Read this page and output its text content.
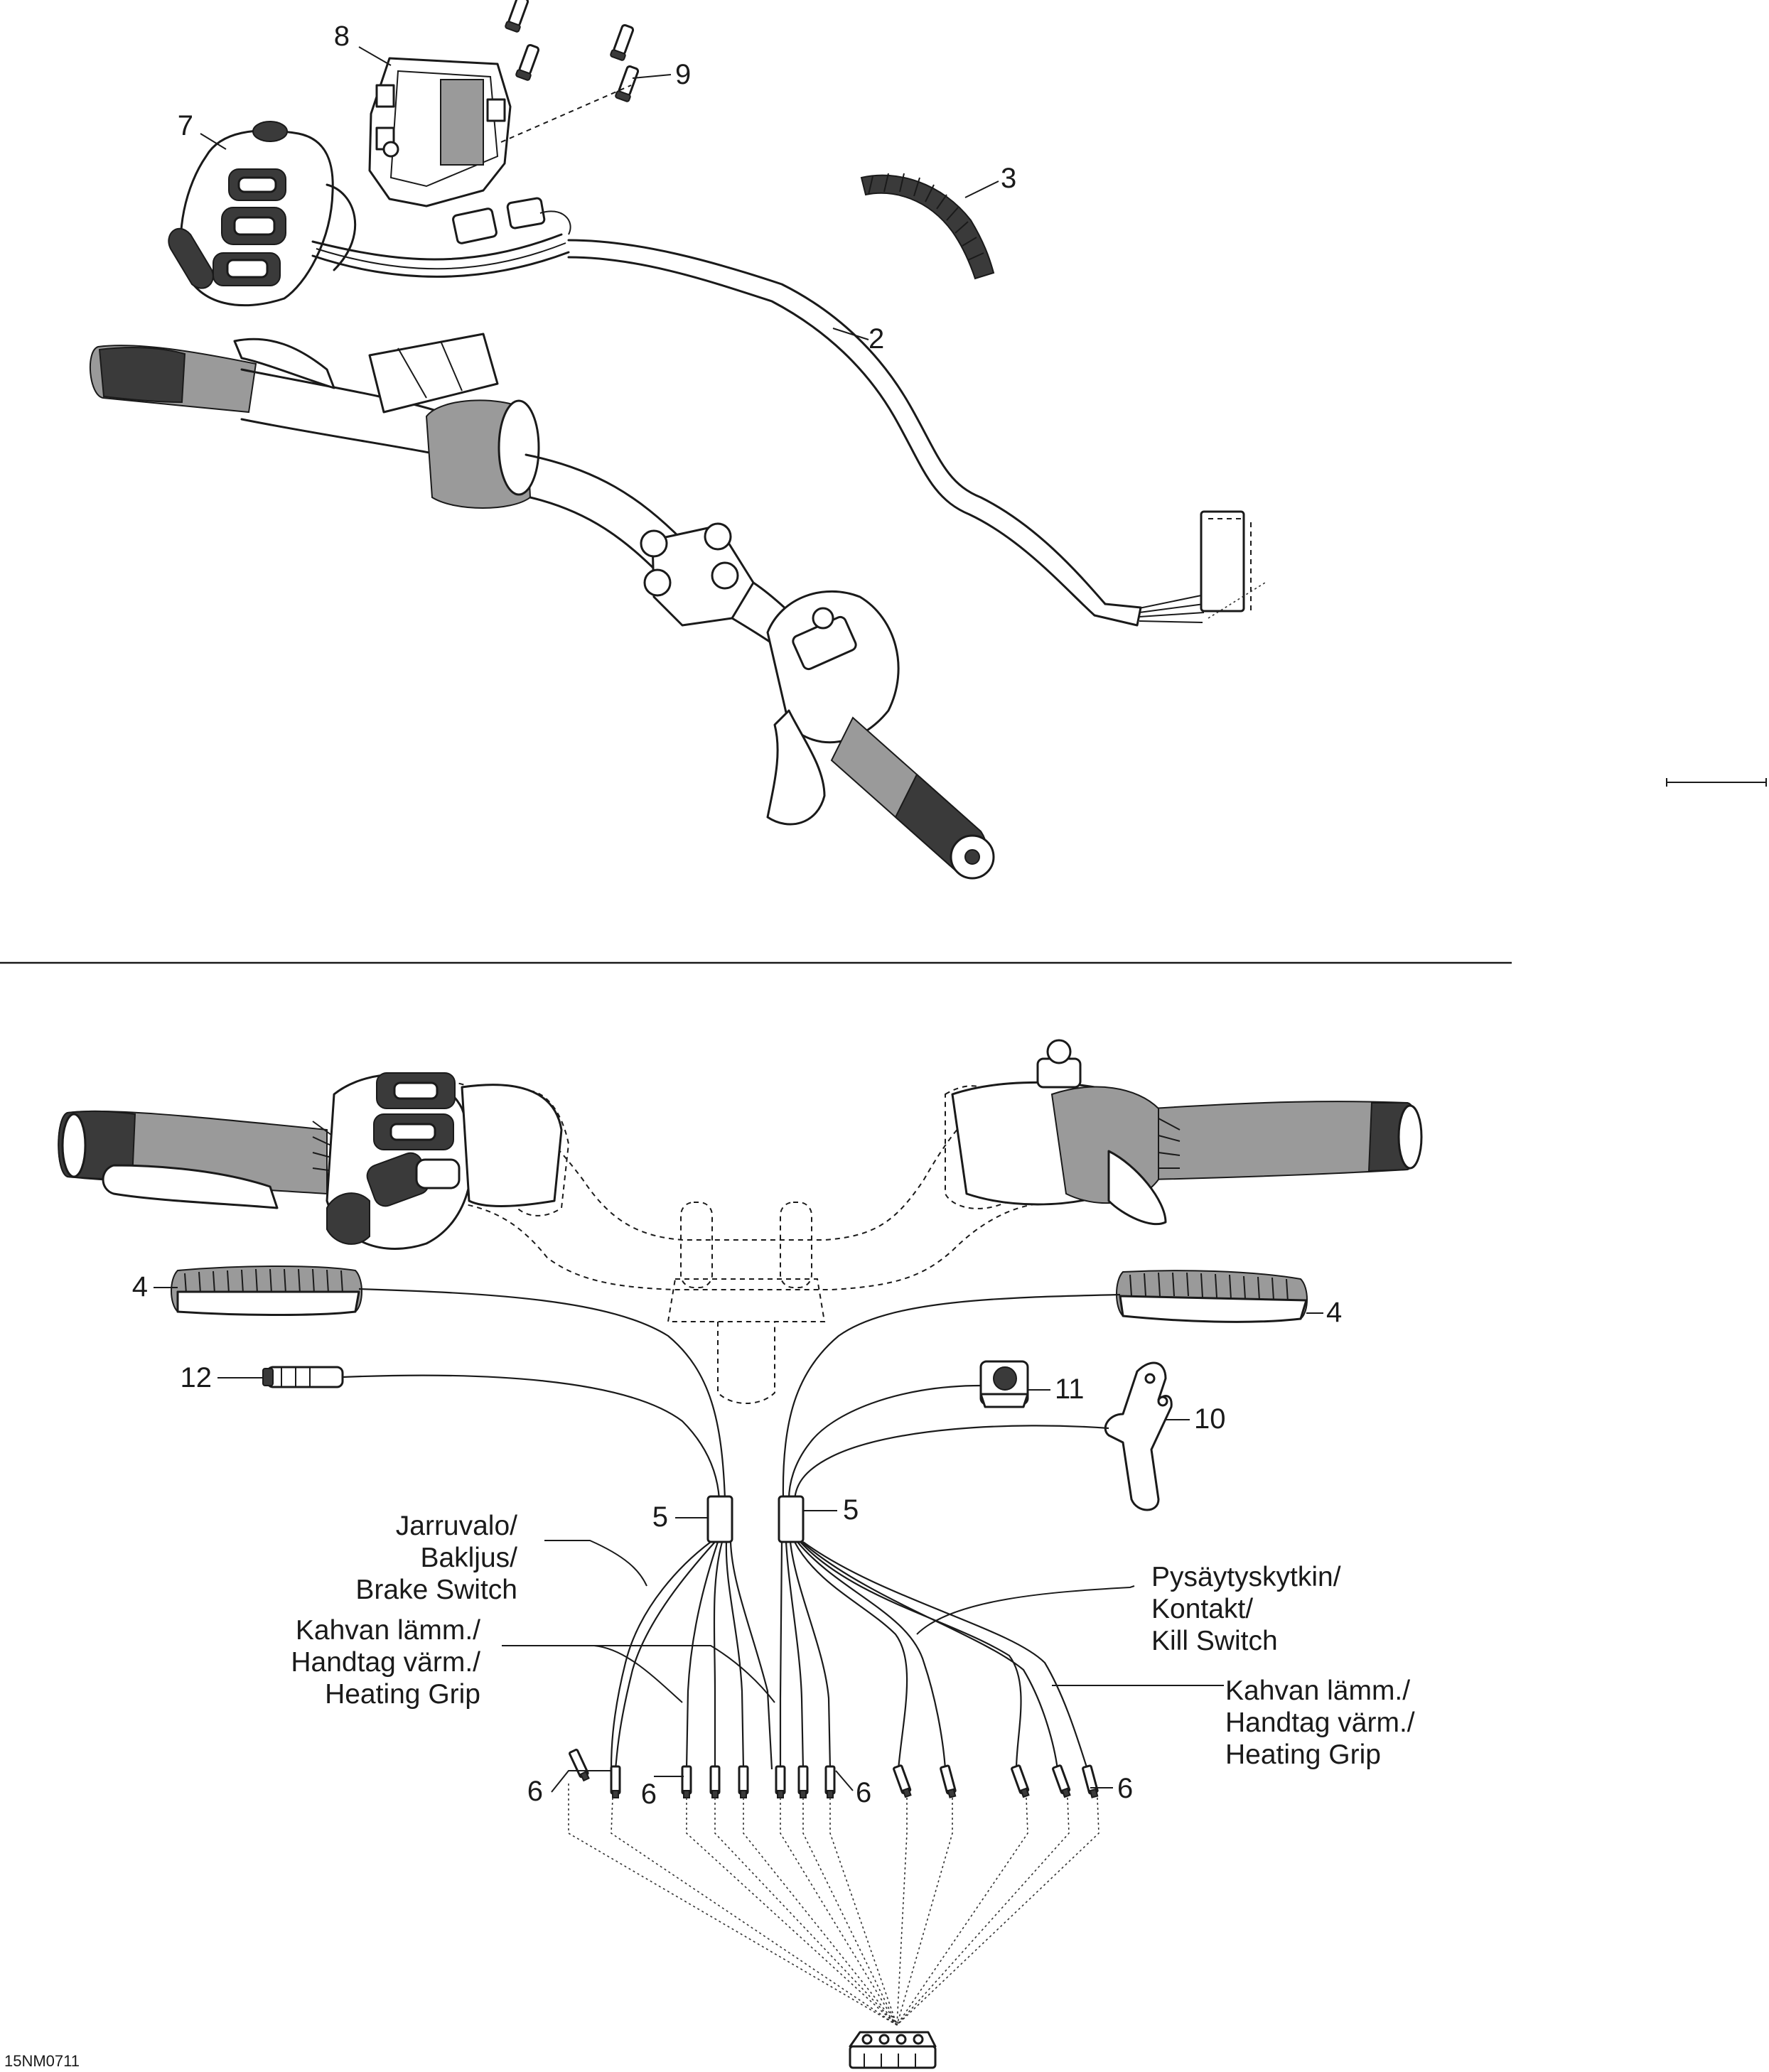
8
9
7
3
2
4
4
12	11
10
5	5
6	6	6	6
Jarruvalo/
Bakljus/
Brake Switch
Kahvan lämm./
Handtag värm./
Heating Grip
Pysäytyskytkin/
Kontakt/
Kill Switch
Kahvan lämm./
Handtag värm./
Heating Grip
15NM0711
